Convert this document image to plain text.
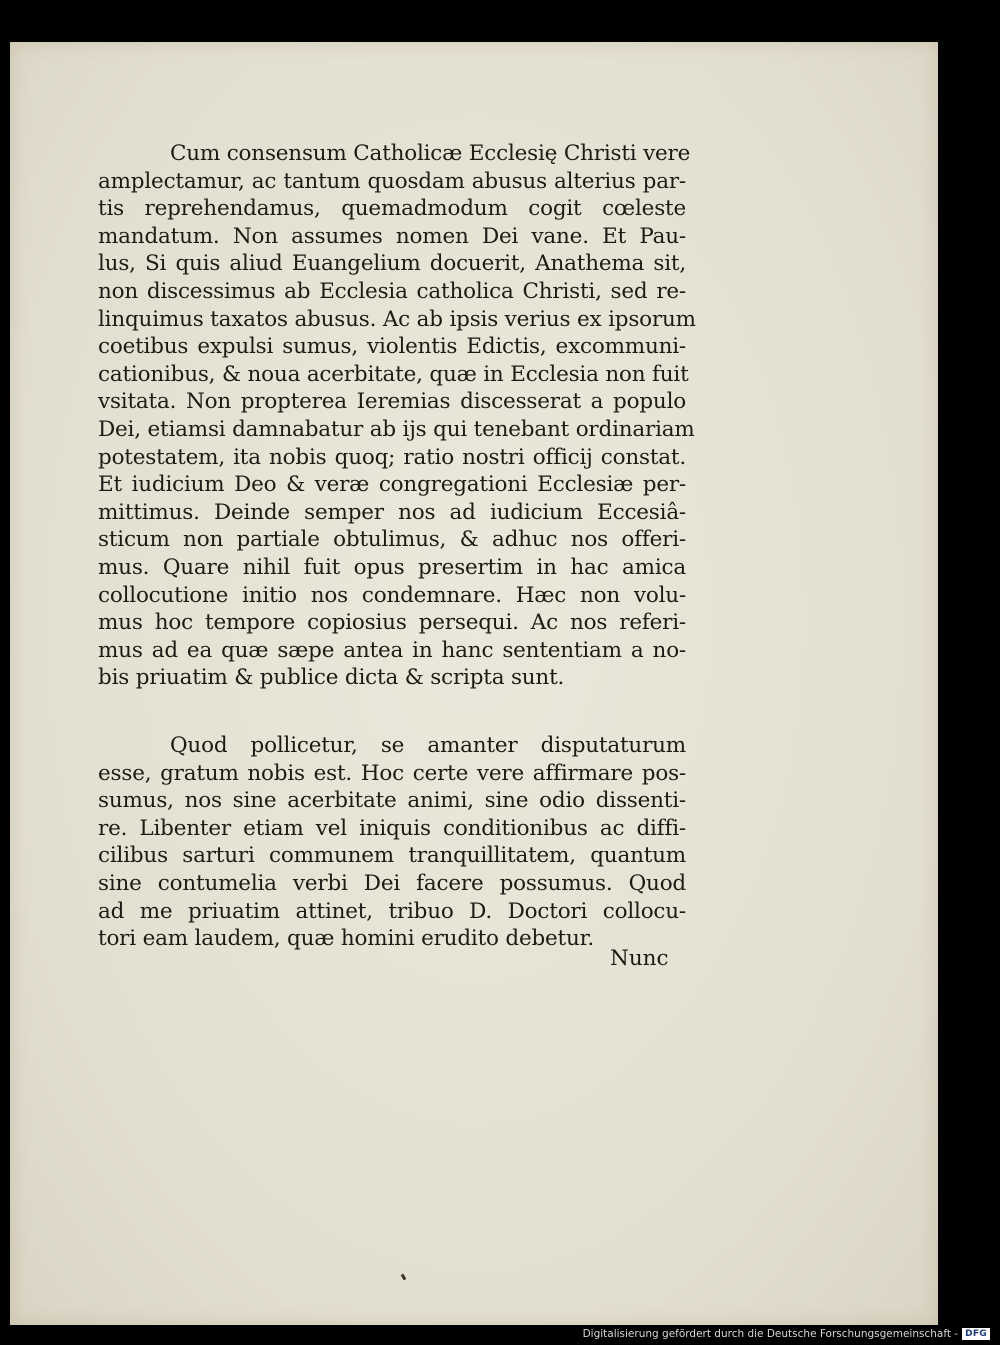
Cum consensum Catholicæ Ecclesię Christi vere
amplectamur, ac tantum quosdam abusus alterius par-
tis reprehendamus, quemadmodum cogit cœleste
mandatum. Non assumes nomen Dei vane. Et Pau-
lus, Si quis aliud Euangelium docuerit, Anathema sit,
non discessimus ab Ecclesia catholica Christi, sed re-
linquimus taxatos abusus. Ac ab ipsis verius ex ipsorum
coetibus expulsi sumus, violentis Edictis, excommuni-
cationibus, & noua acerbitate, quæ in Ecclesia non fuit
vsitata. Non propterea Ieremias discesserat a populo
Dei, etiamsi damnabatur ab ijs qui tenebant ordinariam
potestatem, ita nobis quoq; ratio nostri officij constat.
Et iudicium Deo & veræ congregationi Ecclesiæ per-
mittimus. Deinde semper nos ad iudicium Eccesiâ-
sticum non partiale obtulimus, & adhuc nos offeri-
mus. Quare nihil fuit opus presertim in hac amica
collocutione initio nos condemnare. Hæc non volu-
mus hoc tempore copiosius persequi. Ac nos referi-
mus ad ea quæ sæpe antea in hanc sententiam a no-
bis priuatim & publice dicta & scripta sunt.
Quod pollicetur, se amanter disputaturum
esse, gratum nobis est. Hoc certe vere affirmare pos-
sumus, nos sine acerbitate animi, sine odio dissenti-
re. Libenter etiam vel iniquis conditionibus ac diffi-
cilibus sarturi communem tranquillitatem, quantum
sine contumelia verbi Dei facere possumus. Quod
ad me priuatim attinet, tribuo D. Doctori collocu-
tori eam laudem, quæ homini erudito debetur.
Nunc
Digitalisierung gefördert durch die Deutsche Forschungsgemeinschaft - DFG
